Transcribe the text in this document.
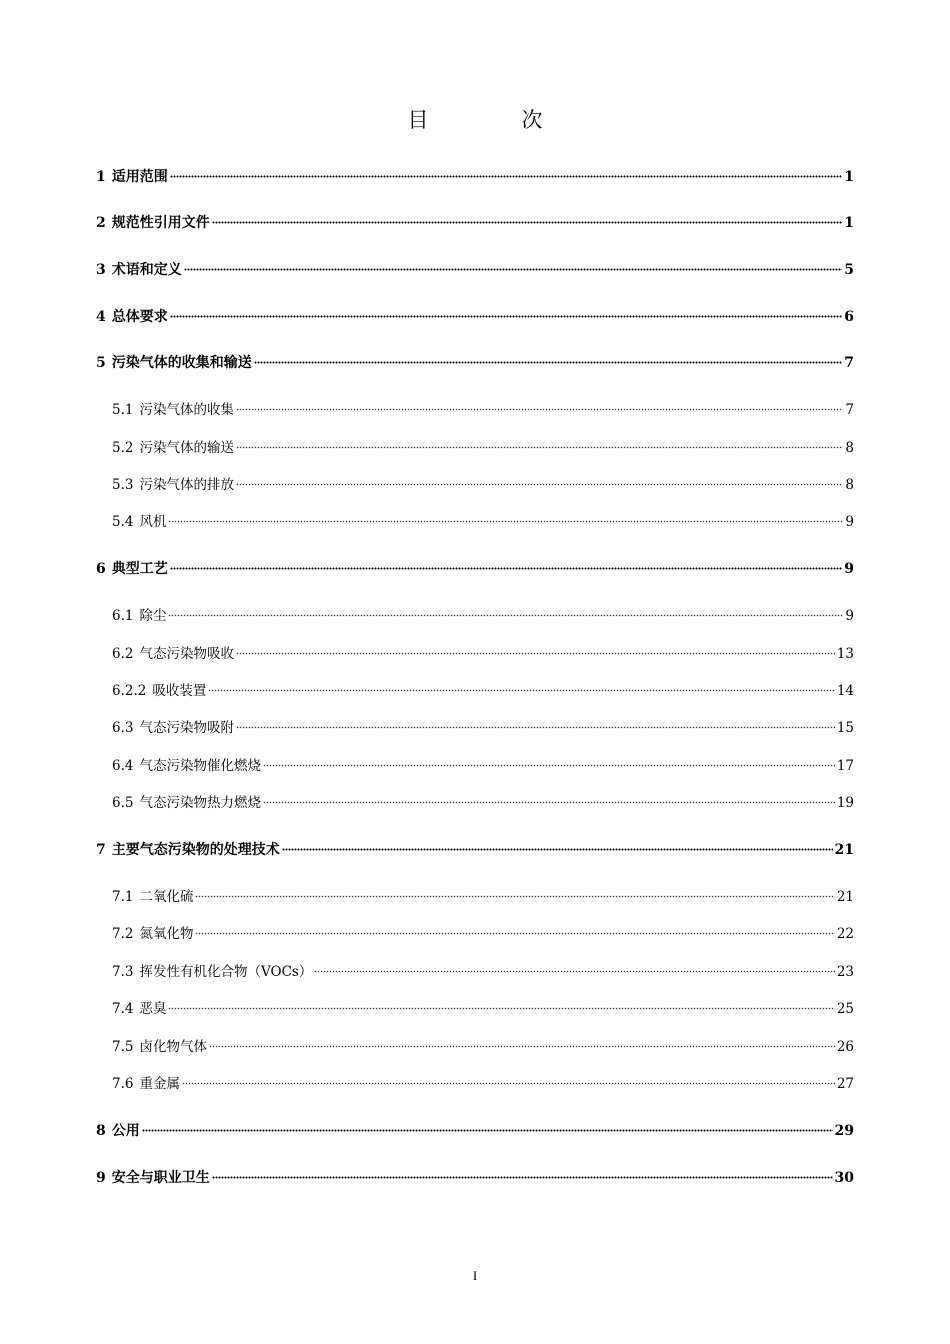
目　次
1 适用范围	1
2 规范性引用文件	1
3 术语和定义	5
4 总体要求	6
5 污染气体的收集和输送	7
5.1 污染气体的收集	7
5.2 污染气体的输送	8
5.3 污染气体的排放	8
5.4 风机	9
6 典型工艺	9
6.1 除尘	9
6.2 气态污染物吸收	13
6.2.2 吸收装置	14
6.3 气态污染物吸附	15
6.4 气态污染物催化燃烧	17
6.5 气态污染物热力燃烧	19
7 主要气态污染物的处理技术	21
7.1 二氧化硫	21
7.2 氮氧化物	22
7.3 挥发性有机化合物（VOCs）	23
7.4 恶臭	25
7.5 卤化物气体	26
7.6 重金属	27
8 公用	29
9 安全与职业卫生	30
I
